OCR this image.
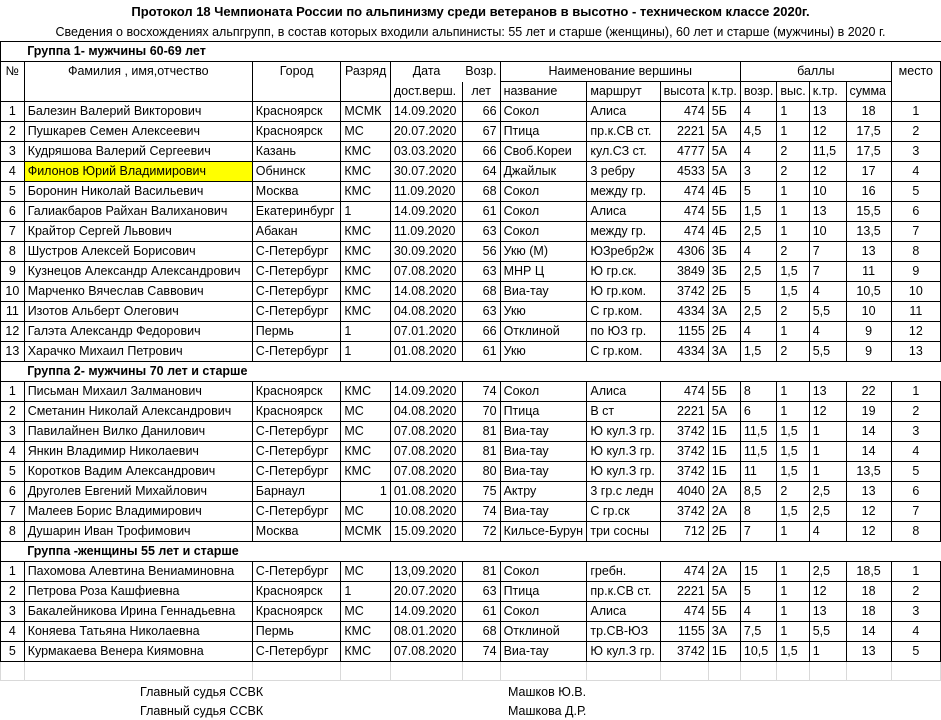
Протокол 18 Чемпионата России по альпинизму среди ветеранов в высотно - техническом классе 2020г.
Сведения о восхождениях альпгрупп, в состав которых входили альпинисты: 55 лет и старше (женщины), 60 лет и старше (мужчины) в 2020 г.
	Группа 1- мужчины 60-69 лет													
№	Фамилия , имя,отчество	Город	Разряд	Дата	Возр.	Наименование вершины				баллы				место
				дост.верш.	лет	название	маршрут	высота	к.тр.	возр.	выс.	к.тр.	сумма	
1	Балезин Валерий Викторович	Красноярск	МСМК	14.09.2020	66	Сокол	Алиса	474	5Б	4	1	13	18	1
2	Пушкарев Семен Алексеевич	Красноярск	МС	20.07.2020	67	Птица	пр.к.СВ ст.	2221	5А	4,5	1	12	17,5	2
3	Кудряшова Валерий Сергеевич	Казань	КМС	03.03.2020	66	Своб.Кореи	кул.СЗ ст.	4777	5А	4	2	11,5	17,5	3
4	Филонов Юрий Владимирович	Обнинск	КМС	30.07.2020	64	Джайлык	3 ребру	4533	5А	3	2	12	17	4
5	Боронин Николай Васильевич	Москва	КМС	11.09.2020	68	Сокол	между гр.	474	4Б	5	1	10	16	5
6	Галиакбаров Райхан Валиханович	Екатеринбург	1	14.09.2020	61	Сокол	Алиса	474	5Б	1,5	1	13	15,5	6
7	Крайтор Сергей Львович	Абакан	КМС	11.09.2020	63	Сокол	между гр.	474	4Б	2,5	1	10	13,5	7
8	Шустров Алексей Борисович	С-Петербург	КМС	30.09.2020	56	Укю (М)	ЮЗребр2ж	4306	3Б	4	2	7	13	8
9	Кузнецов Александр Александрович	С-Петербург	КМС	07.08.2020	63	МНР Ц	Ю гр.ск.	3849	3Б	2,5	1,5	7	11	9
10	Марченко Вячеслав Саввович	С-Петербург	КМС	14.08.2020	68	Виа-тау	Ю гр.ком.	3742	2Б	5	1,5	4	10,5	10
11	Изотов Альберт Олегович	С-Петербург	КМС	04.08.2020	63	Укю	С гр.ком.	4334	3А	2,5	2	5,5	10	11
12	Галэта Александр Федорович	Пермь	1	07.01.2020	66	Отклиной	по ЮЗ гр.	1155	2Б	4	1	4	9	12
13	Харачко Михаил Петрович	С-Петербург	1	01.08.2020	61	Укю	С гр.ком.	4334	3А	1,5	2	5,5	9	13
	Группа 2- мужчины 70 лет и старше													
1	Письман Михаил Залманович	Красноярск	КМС	14.09.2020	74	Сокол	Алиса	474	5Б	8	1	13	22	1
2	Сметанин Николай Александрович	Красноярск	МС	04.08.2020	70	Птица	В ст	2221	5А	6	1	12	19	2
3	Павилайнен Вилко Данилович	С-Петербург	МС	07.08.2020	81	Виа-тау	Ю кул.З гр.	3742	1Б	11,5	1,5	1	14	3
4	Янкин Владимир Николаевич	С-Петербург	КМС	07.08.2020	81	Виа-тау	Ю кул.З гр.	3742	1Б	11,5	1,5	1	14	4
5	Коротков Вадим Александрович	С-Петербург	КМС	07.08.2020	80	Виа-тау	Ю кул.З гр.	3742	1Б	11	1,5	1	13,5	5
6	Друголев Евгений Михайлович	Барнаул	1	01.08.2020	75	Актру	3 гр.с ледн	4040	2А	8,5	2	2,5	13	6
7	Малеев Борис Владимирович	С-Петербург	МС	10.08.2020	74	Виа-тау	С гр.ск	3742	2А	8	1,5	2,5	12	7
8	Душарин Иван Трофимович	Москва	МСМК	15.09.2020	72	Кильсе-Бурун	три сосны	712	2Б	7	1	4	12	8
	Группа -женщины 55 лет и старше													
1	Пахомова Алевтина Вениаминовна	С-Петербург	МС	13,09.2020	81	Сокол	гребн.	474	2А	15	1	2,5	18,5	1
2	Петрова Роза Кашфиевна	Красноярск	1	20.07.2020	63	Птица	пр.к.СВ ст.	2221	5А	5	1	12	18	2
3	Бакалейникова Ирина Геннадьевна	Красноярск	МС	14.09.2020	61	Сокол	Алиса	474	5Б	4	1	13	18	3
4	Коняева Татьяна Николаевна	Пермь	КМС	08.01.2020	68	Отклиной	тр.СВ-ЮЗ	1155	3А	7,5	1	5,5	14	4
5	Курмакаева Венера Киямовна	С-Петербург	КМС	07.08.2020	74	Виа-тау	Ю кул.З гр.	3742	1Б	10,5	1,5	1	13	5

Главный судья ССВК	Машков Ю.В.
Главный судья ССВК	Машкова Д.Р.
